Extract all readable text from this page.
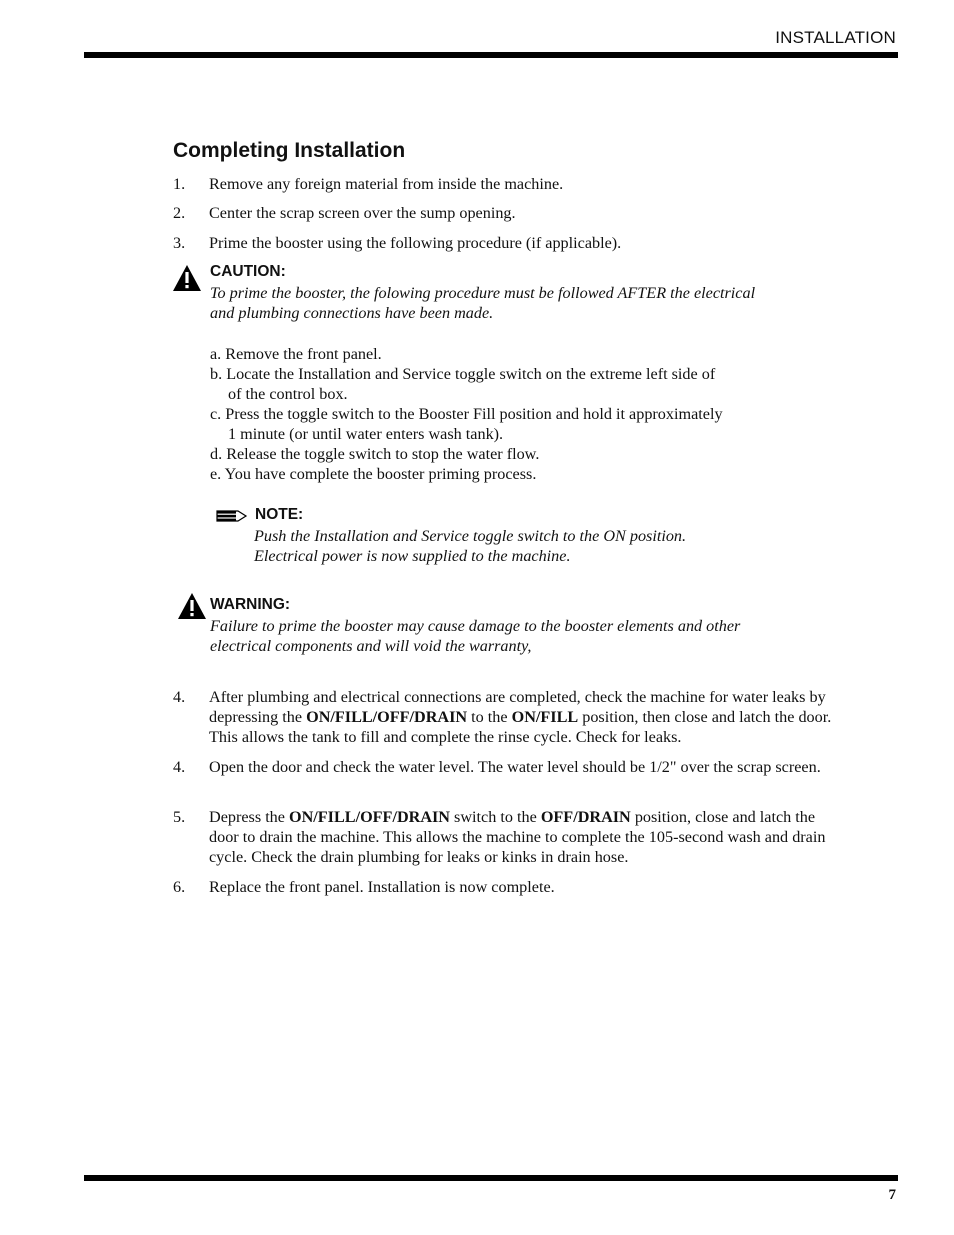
INSTALLATION
Completing Installation
1. Remove any foreign material from inside the machine.
2. Center the scrap screen over the sump opening.
3. Prime the booster using the following procedure (if applicable).
CAUTION:
To prime the booster, the folowing procedure must be followed AFTER the electrical
and plumbing connections have been made.
a. Remove the front panel.
b. Locate the Installation and Service toggle switch on the extreme left side of
of the control box.
c. Press the toggle switch to the Booster Fill position and hold it approximately
1 minute (or until water enters wash tank).
d. Release the toggle switch to stop the water flow.
e. You have complete the booster priming process.
NOTE:
Push the Installation and Service toggle switch to the ON position.
Electrical power is now supplied to the machine.
WARNING:
Failure to prime the booster may cause damage to the booster elements and other
electrical components and will void the warranty,
4. After plumbing and electrical connections are completed, check the machine for water leaks by depressing the ON/FILL/OFF/DRAIN to the ON/FILL position, then close and latch the door. This allows the tank to fill and complete the rinse cycle. Check for leaks.
4. Open the door and check the water level. The water level should be 1/2" over the scrap screen.
5. Depress the ON/FILL/OFF/DRAIN switch to the OFF/DRAIN position, close and latch the door to drain the machine. This allows the machine to complete the 105-second wash and drain cycle. Check the drain plumbing for leaks or kinks in drain hose.
6. Replace the front panel. Installation is now complete.
7
